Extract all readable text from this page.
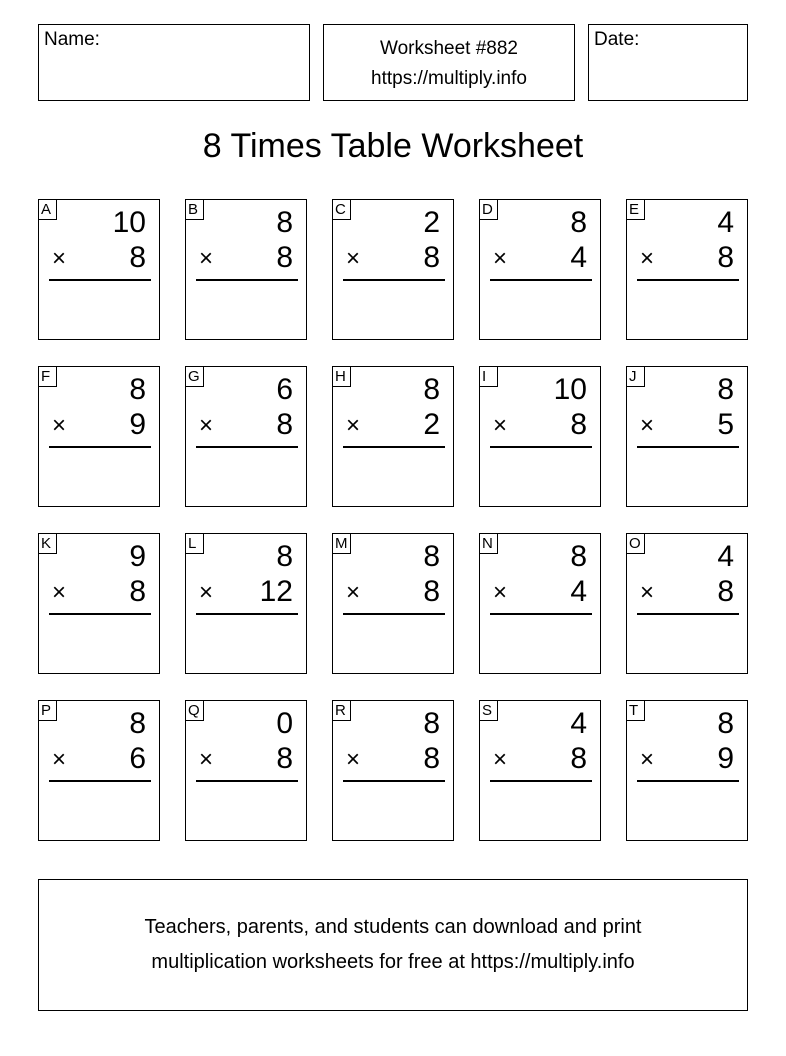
Name:	Worksheet #882
https://multiply.info
Date:
8 Times Table Worksheet
A 10
× 8
B	8
× 8
C	2
× 8
D	8
× 4
E	4
× 8
F	8
× 9
G	6
× 8
H	8
× 2
I	10
× 8
J	8
× 5
K	9
× 8
L	8
× 12
M	8
× 8
N	8
× 4
O	4
× 8
P	8
× 6
Q	0
× 8
R	8
× 8
S	4
× 8
T	8
× 9
Teachers, parents, and students can download and print
multiplication worksheets for free at https://multiply.info
